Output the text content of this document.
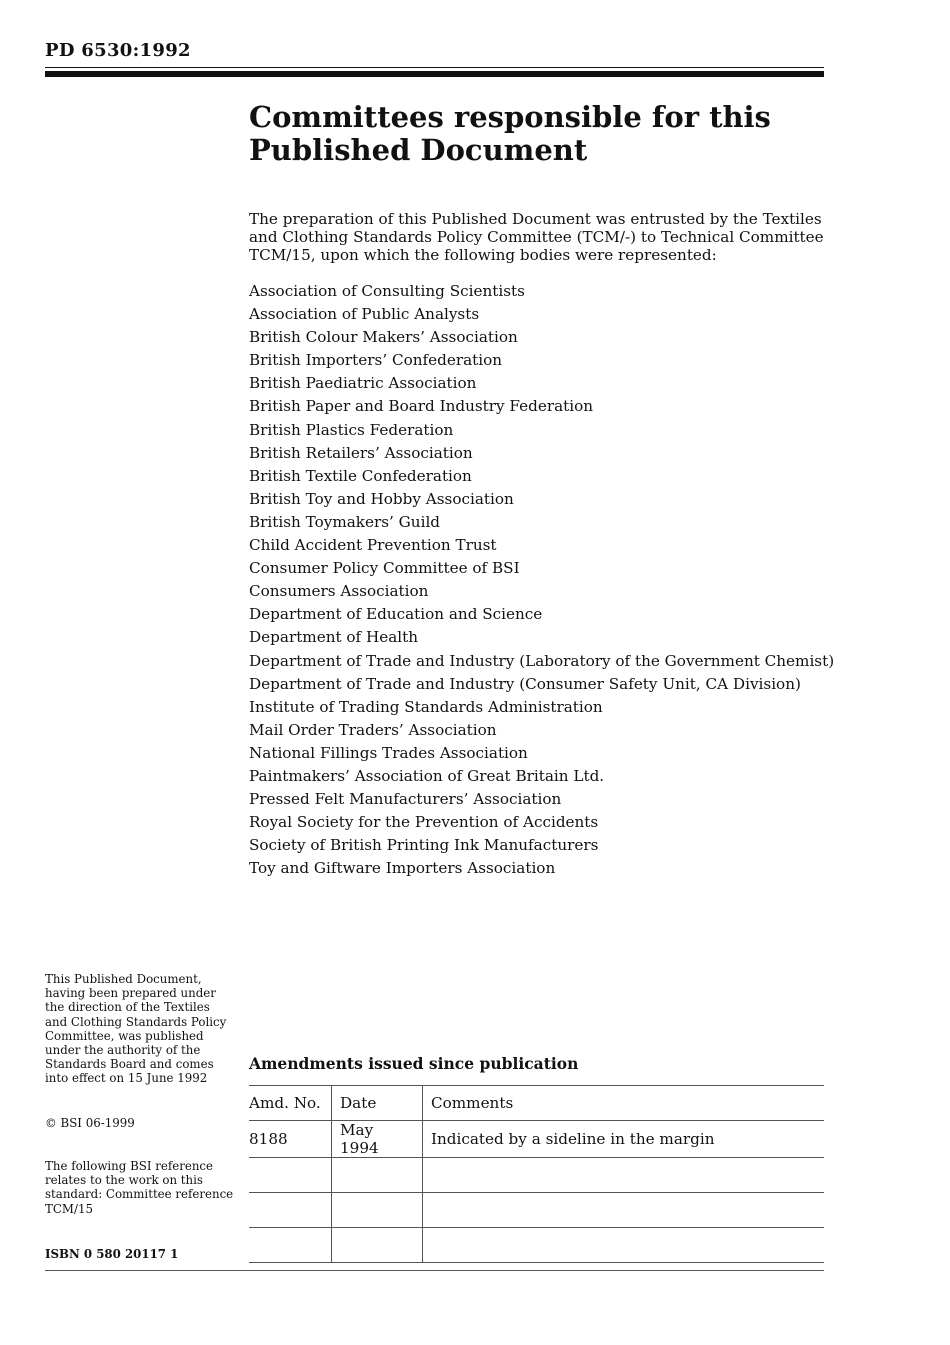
PD 6530:1992
Committees responsible for this
Published Document

The preparation of this Published Document was entrusted by the Textiles and Clothing Standards Policy Committee (TCM/-) to Technical Committee TCM/15, upon which the following bodies were represented:

Association of Consulting Scientists
Association of Public Analysts
British Colour Makers’ Association
British Importers’ Confederation
British Paediatric Association
British Paper and Board Industry Federation
British Plastics Federation
British Retailers’ Association
British Textile Confederation
British Toy and Hobby Association
British Toymakers’ Guild
Child Accident Prevention Trust
Consumer Policy Committee of BSI
Consumers Association
Department of Education and Science
Department of Health
Department of Trade and Industry (Laboratory of the Government Chemist)
Department of Trade and Industry (Consumer Safety Unit, CA Division)
Institute of Trading Standards Administration
Mail Order Traders’ Association
National Fillings Trades Association
Paintmakers’ Association of Great Britain Ltd.
Pressed Felt Manufacturers’ Association
Royal Society for the Prevention of Accidents
Society of British Printing Ink Manufacturers
Toy and Giftware Importers Association

This Published Document, having been prepared under the direction of the Textiles and Clothing Standards Policy Committee, was published under the authority of the Standards Board and comes into effect on 15 June 1992

© BSI 06-1999

The following BSI reference relates to the work on this standard: Committee reference TCM/15

ISBN 0 580 20117 1
Amendments issued since publication
Amd. No.	Date	Comments
8188	May 1994	Indicated by a sideline in the margin
